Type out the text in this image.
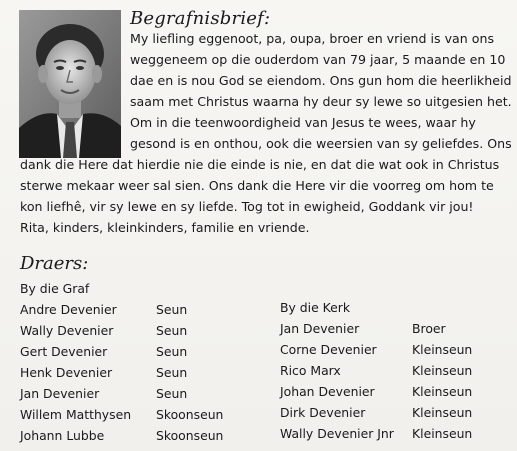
Begrafnisbrief:
My liefling eggenoot, pa, oupa, broer en vriend is van ons
weggeneem op die ouderdom van 79 jaar, 5 maande en 10
dae en is nou God se eiendom. Ons gun hom die heerlikheid
saam met Christus waarna hy deur sy lewe so uitgesien het.
Om in die teenwoordigheid van Jesus te wees, waar hy
gesond is en onthou, ook die weersien van sy geliefdes. Ons
dank die Here dat hierdie nie die einde is nie, en dat die wat ook in Christus
sterwe mekaar weer sal sien. Ons dank die Here vir die voorreg om hom te
kon liefhê, vir sy lewe en sy liefde. Tog tot in ewigheid, Goddank vir jou!
Rita, kinders, kleinkinders, familie en vriende.
Draers:
By die Graf
Andre Devenier	Seun
Wally Devenier	Seun
Gert Devenier	Seun
Henk Devenier	Seun
Jan Devenier	Seun
Willem Matthysen Skoonseun
Johann Lubbe	Skoonseun
By die Kerk
Jan Devenier	Broer
Corne Devenier	Kleinseun
Rico Marx	Kleinseun
Johan Devenier	Kleinseun
Dirk Devenier	Kleinseun
Wally Devenier Jnr Kleinseun
